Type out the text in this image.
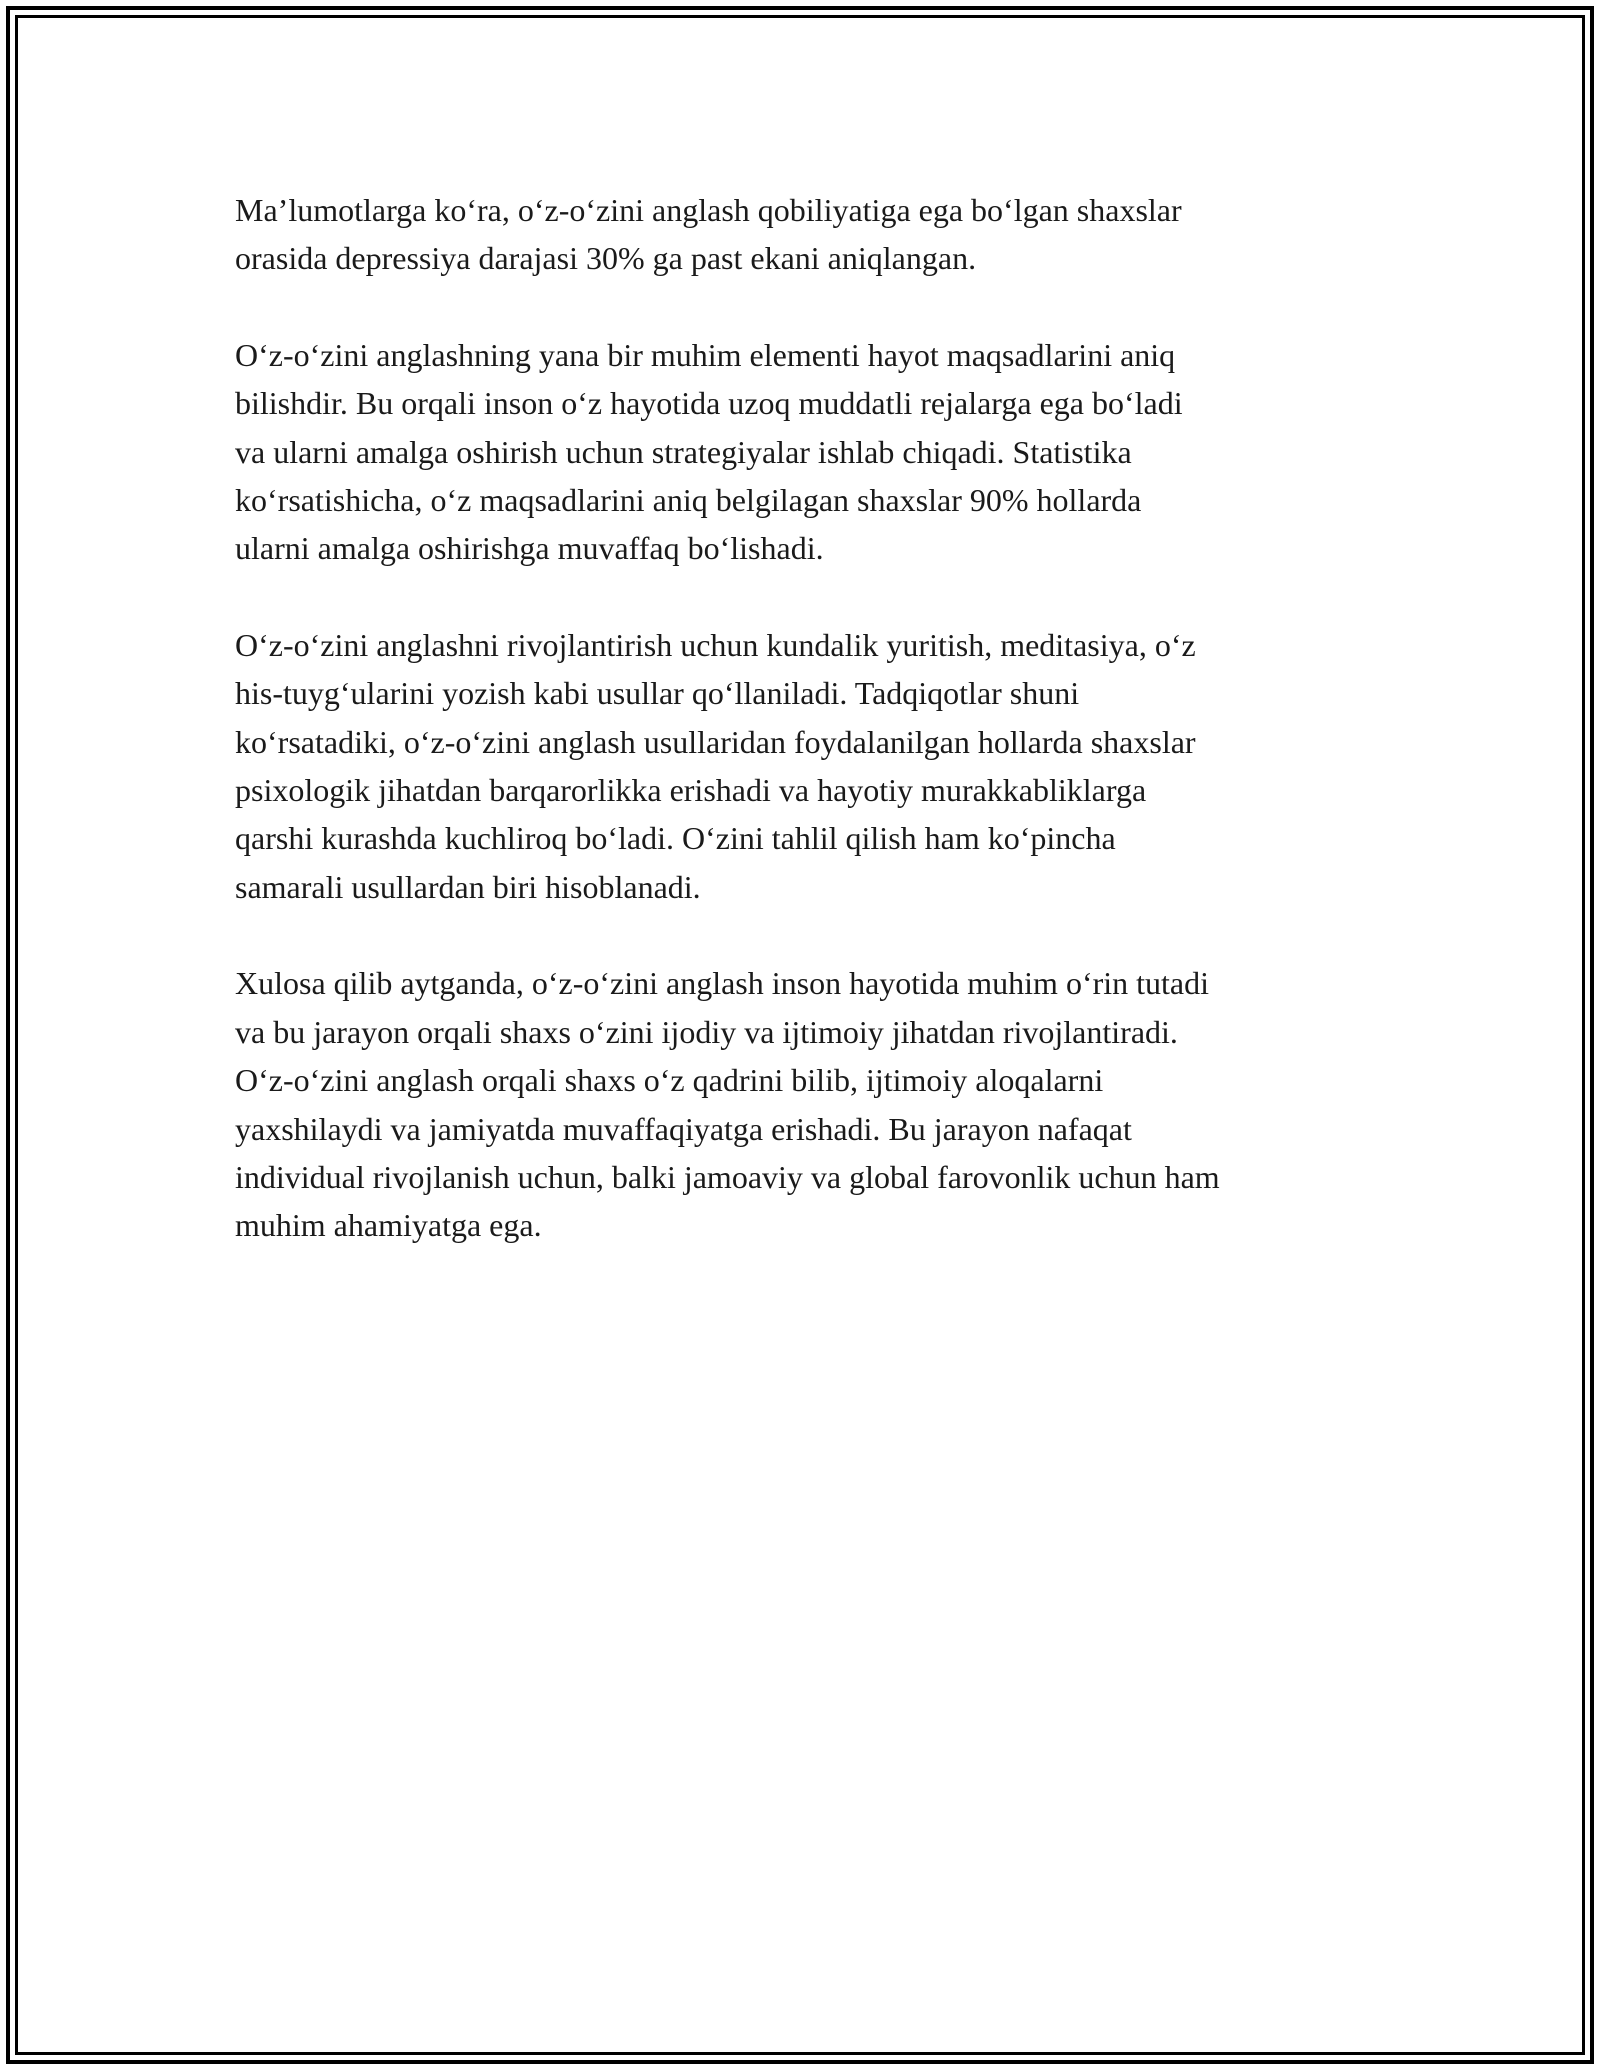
Ma’lumotlarga ko‘ra, o‘z-o‘zini anglash qobiliyatiga ega bo‘lgan shaxslar
orasida depressiya darajasi 30% ga past ekani aniqlangan.

O‘z-o‘zini anglashning yana bir muhim elementi hayot maqsadlarini aniq
bilishdir. Bu orqali inson o‘z hayotida uzoq muddatli rejalarga ega bo‘ladi
va ularni amalga oshirish uchun strategiyalar ishlab chiqadi. Statistika
ko‘rsatishicha, o‘z maqsadlarini aniq belgilagan shaxslar 90% hollarda
ularni amalga oshirishga muvaffaq bo‘lishadi.

O‘z-o‘zini anglashni rivojlantirish uchun kundalik yuritish, meditasiya, o‘z
his-tuyg‘ularini yozish kabi usullar qo‘llaniladi. Tadqiqotlar shuni
ko‘rsatadiki, o‘z-o‘zini anglash usullaridan foydalanilgan hollarda shaxslar
psixologik jihatdan barqarorlikka erishadi va hayotiy murakkabliklarga
qarshi kurashda kuchliroq bo‘ladi. O‘zini tahlil qilish ham ko‘pincha
samarali usullardan biri hisoblanadi.

Xulosa qilib aytganda, o‘z-o‘zini anglash inson hayotida muhim o‘rin tutadi
va bu jarayon orqali shaxs o‘zini ijodiy va ijtimoiy jihatdan rivojlantiradi.
O‘z-o‘zini anglash orqali shaxs o‘z qadrini bilib, ijtimoiy aloqalarni
yaxshilaydi va jamiyatda muvaffaqiyatga erishadi. Bu jarayon nafaqat
individual rivojlanish uchun, balki jamoaviy va global farovonlik uchun ham
muhim ahamiyatga ega.
